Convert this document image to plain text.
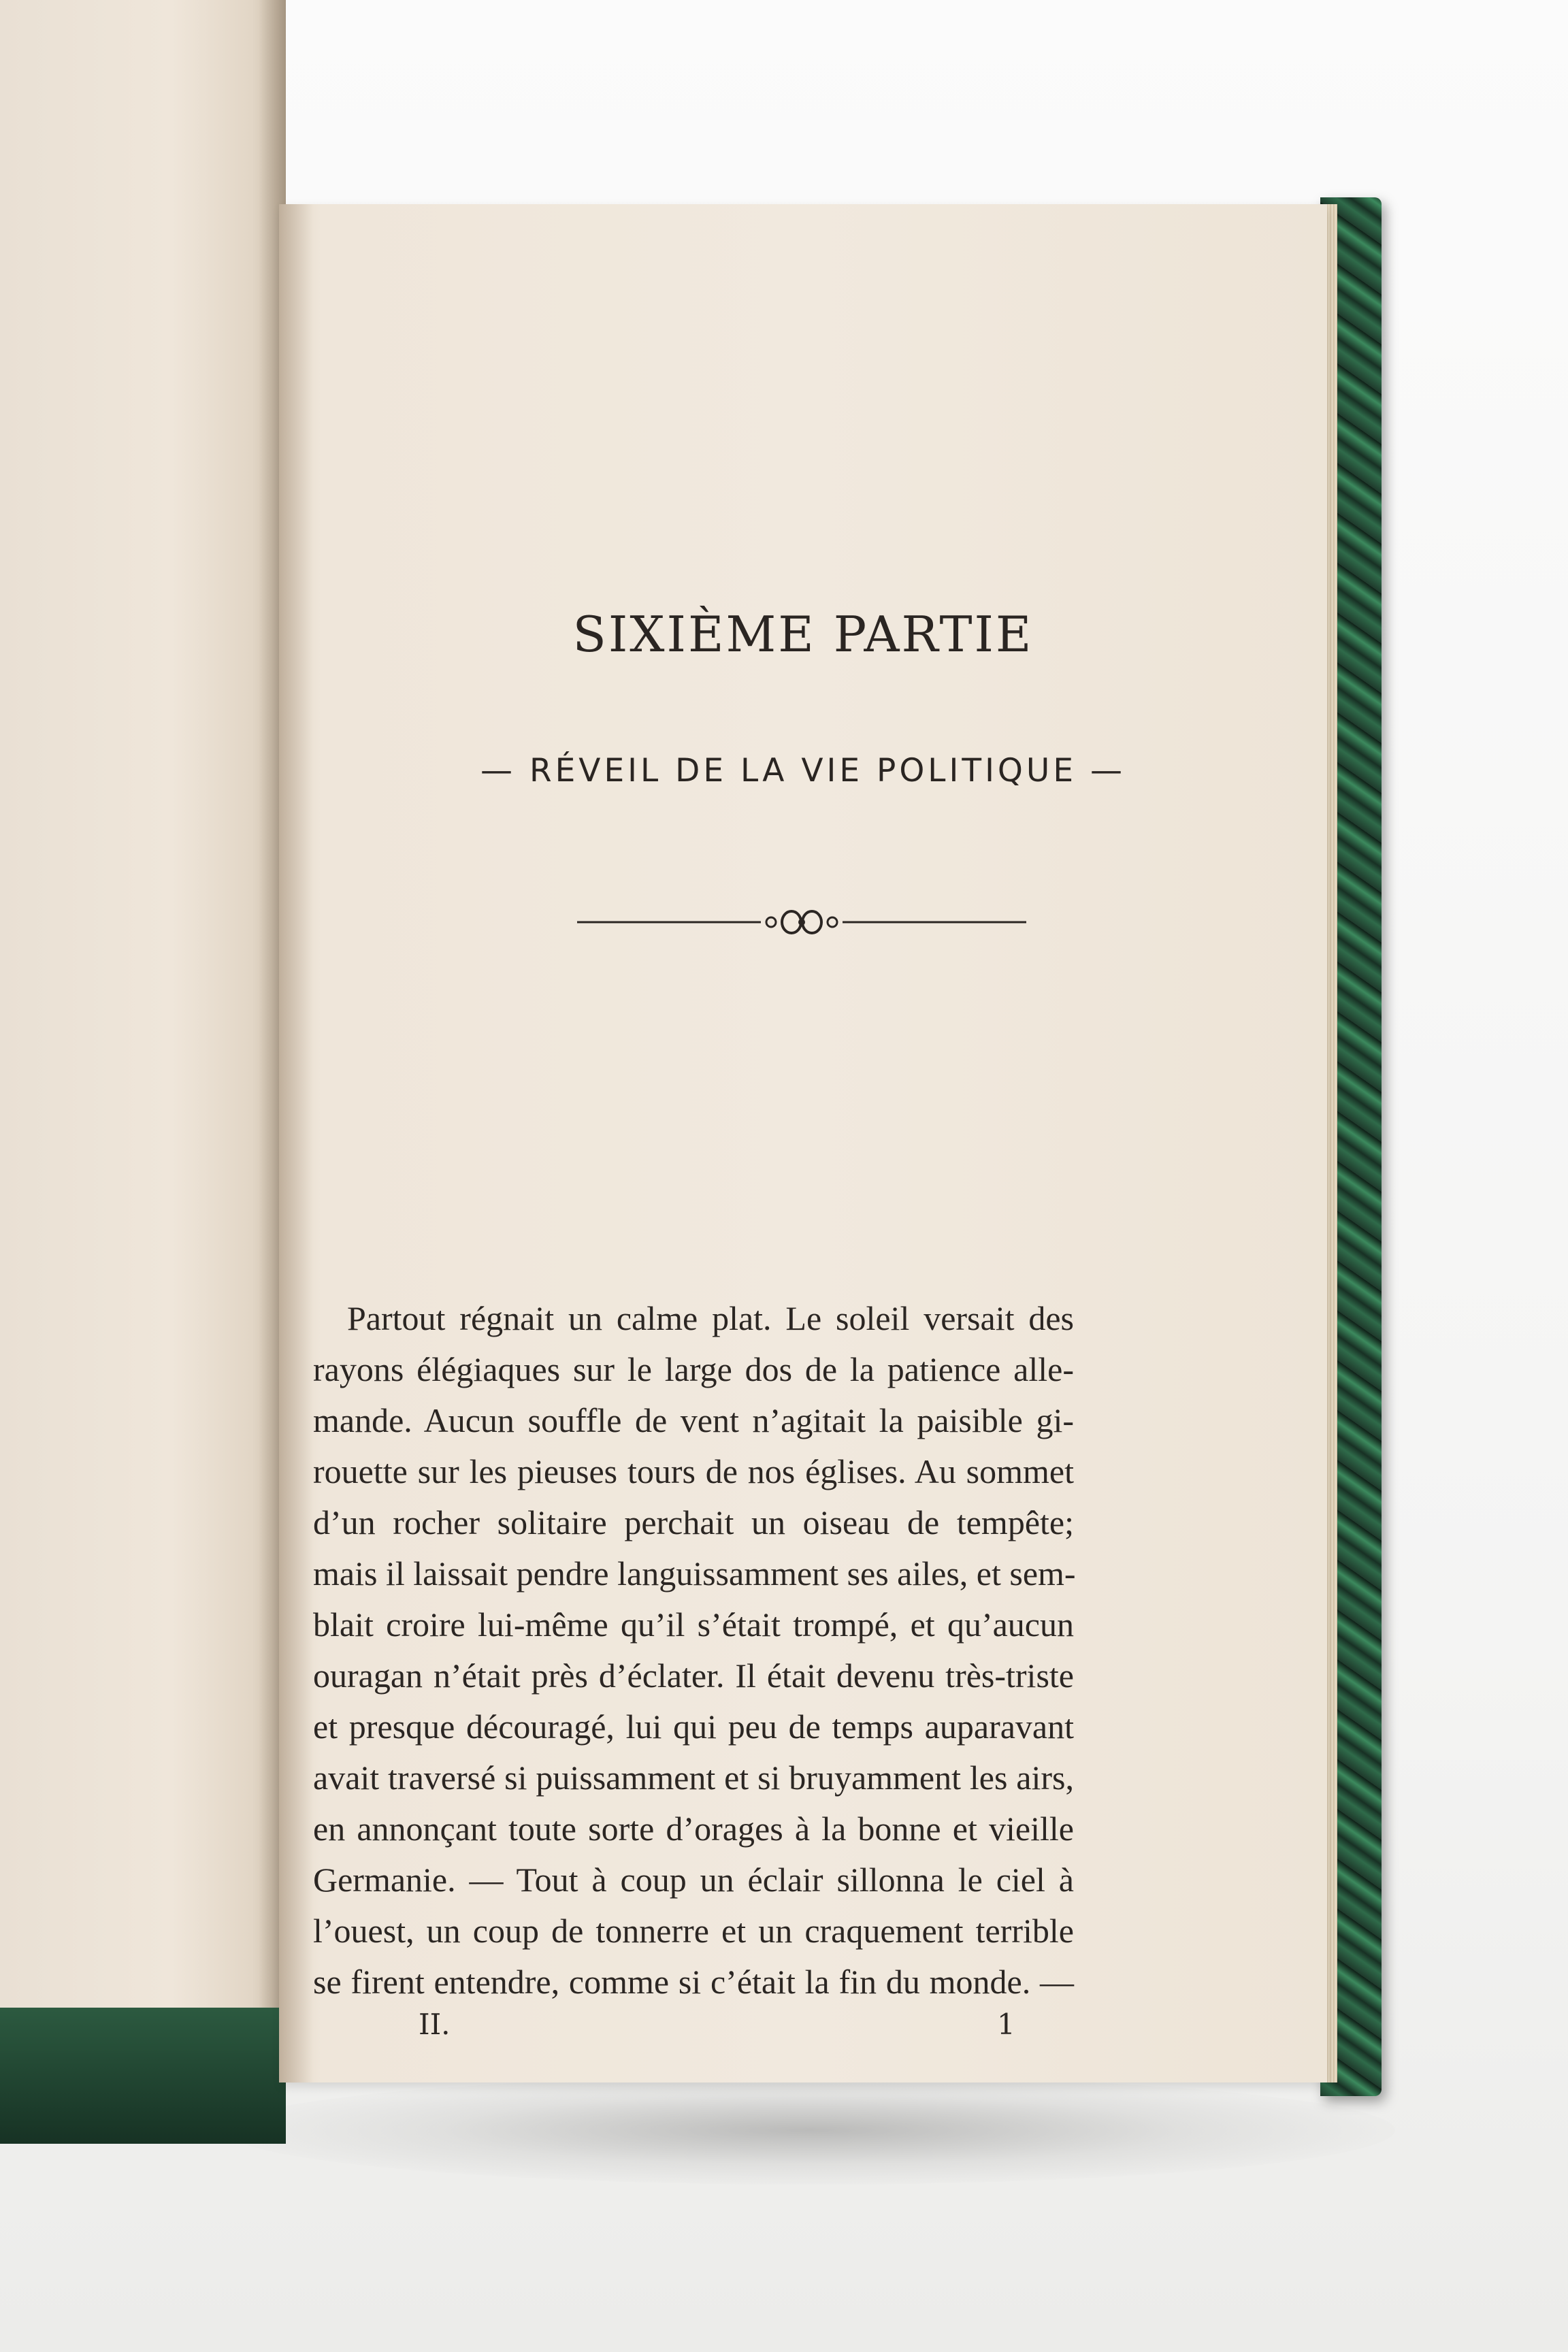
SIXIÈME PARTIE
— RÉVEIL DE LA VIE POLITIQUE —
Partout régnait un calme plat. Le soleil versait des
rayons élégiaques sur le large dos de la patience alle-
mande. Aucun souffle de vent n’agitait la paisible gi-
rouette sur les pieuses tours de nos églises. Au sommet
d’un rocher solitaire perchait un oiseau de tempête;
mais il laissait pendre languissamment ses ailes, et sem-
blait croire lui-même qu’il s’était trompé, et qu’aucun
ouragan n’était près d’éclater. Il était devenu très-triste
et presque découragé, lui qui peu de temps auparavant
avait traversé si puissamment et si bruyamment les airs,
en annonçant toute sorte d’orages à la bonne et vieille
Germanie. — Tout à coup un éclair sillonna le ciel à
l’ouest, un coup de tonnerre et un craquement terrible
se firent entendre, comme si c’était la fin du monde. —
II.	1
